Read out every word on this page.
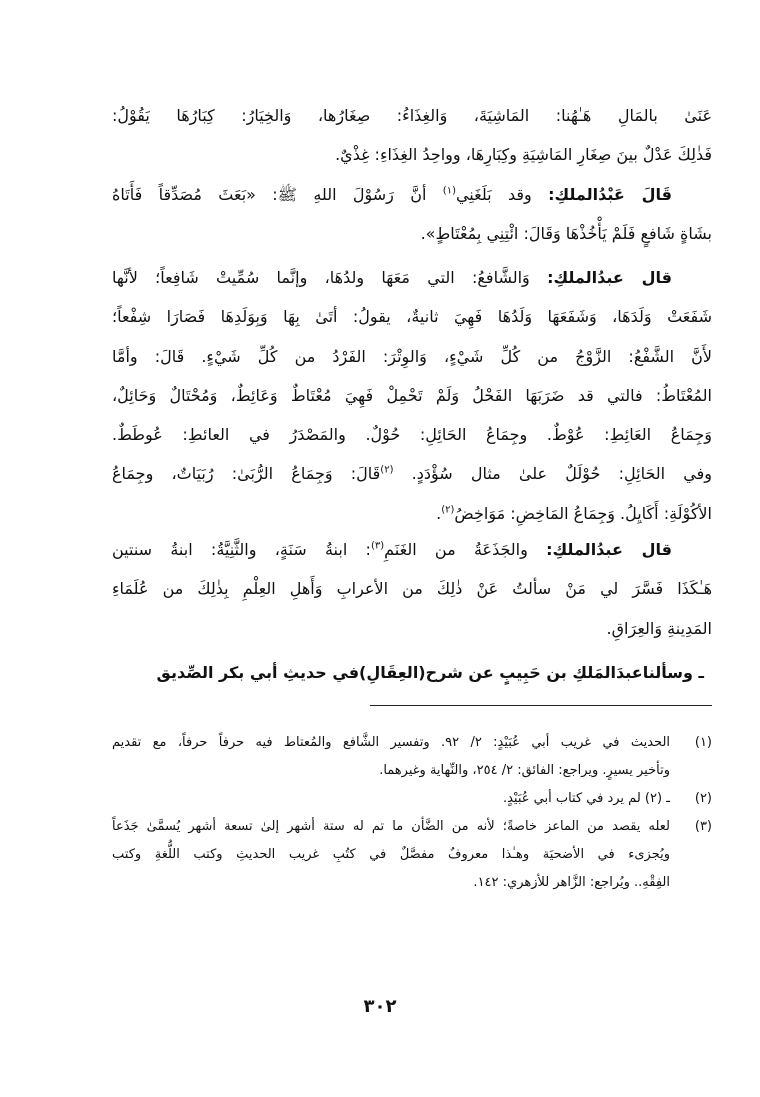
عَنَىٰ بالمَالِ هَـٰهُنا: المَاشِيَةَ، وَالغِذَاءُ: صِغَارُها، وَالخِيَارُ: كِبَارُهَا يَقُوْلُ:
فَذٰلِكَ عَدْلٌ بينَ صِغَارِ المَاشِيَةِ وكِبَارِهَا، وواحِدُ الغِذَاءِ: غِذْيٌ.
قَالَ عَبْدُالملكِ: وقد بَلَغَنِي$^{(١)}$ أنَّ رَسُوْلَ اللهِ ﷺ: «بَعَثَ مُصَدِّقاً فَأَتَاهُ
بشَاةٍ شَافعٍ فَلَمْ يَأْخُذْهَا وَقَالَ: ائْتِنِي بِمُعْتَاطٍ».
قال عبدُالملكِ: وَالشَّافعُ: التي مَعَهَا ولدُهَا، وإنَّما سُمِّيتْ شَافِعاً؛ لأنَّها
شَفَعَتْ وَلَدَهَا، وَشَفَعَهَا وَلَدُهَا فَهِيَ ثانيةٌ، يقولُ: أتَىٰ بِهَا وَبِوَلَدِهَا فَصَارَا شِفْعاً؛
لأَنَّ الشَّفْعُ: الزَّوْجُ من كُلِّ شَيْءٍ، وَالوِتْرَ: الفَرْدُ من كُلِّ شَيْءٍ. قَالَ: وأمَّا
المُعْتَاطُ: فالتي قد ضَرَبَهَا الفَحْلُ وَلَمْ تَحْمِلْ فَهِيَ مُعْتَاطٌ وَعَائِطٌ، وَمُحْتَالٌ وَحَائِلٌ،
وَجِمَاعُ العَائِطِ: عُوْطٌ. وجِمَاعُ الحَائِلِ: حُوْلٌ. والمَصْدَرُ في العائطِ: عُوطَطٌ.
وفي الحَائِلِ: حُوْلَلٌ علىٰ مثال سُؤْدَدٍ. $^{(٢)}$قَالَ: وَجِمَاعُ الرُّبَىٰ: رُبَيَاتٌ، وجِمَاعُ
الأكُوْلَةِ: أَكَايِلُ. وَجِمَاعُ المَاخِضِ: مَوَاخِضُ$^{(٢)}$.
قال عبدُالملكِ: والجَذَعَةُ من الغَنَمِ$^{(٣)}$: ابنةُ سَنَةٍ، والثَّنِيَّةُ: ابنةُ سنتين
هَـٰكَذَا فَسَّرَ لي مَنْ سألتُ عَنْ ذٰلِكَ من الأعرابِ وَأَهلِ العِلْمِ بِذٰلِكَ من عُلَمَاءِ
المَدِينةِ وَالعِرَاقِ.
ـ وسألناعبدَالمَلكِ بن حَبِيبٍ عن شرح(العِقَالِ)في حديثِ أبي بكر الصِّديق
(١)
الحديث في غريب أبي عُبَيْدٍ: ٢/ ٩٢. وتفسير الشَّافع والمُعتاط فيه حرفاً حرفاً، مع تقديم
وتأخير يسيرٍ. ويراجع: الفائق: ٢/ ٢٥٤، والنِّهاية وغيرهما.
(٢)
ـ (٢) لم يرد في كتاب أبي عُبَيْدٍ.
(٣)
لعله يقصد من الماعز خاصةً؛ لأنه من الضَّأن ما تم له ستة أشهر إلىٰ تسعة أشهر يُسمَّىٰ جَذَعاً
ويُجزىء في الأضحيَة وهـٰذا معروفٌ مفصَّلٌ في كتُبِ غريب الحديثِ وكتب اللُّغةِ وكتب
الفِقْهِ.. ويُراجع: الزَّاهر للأزهري: ١٤٢.
٣٠٢
